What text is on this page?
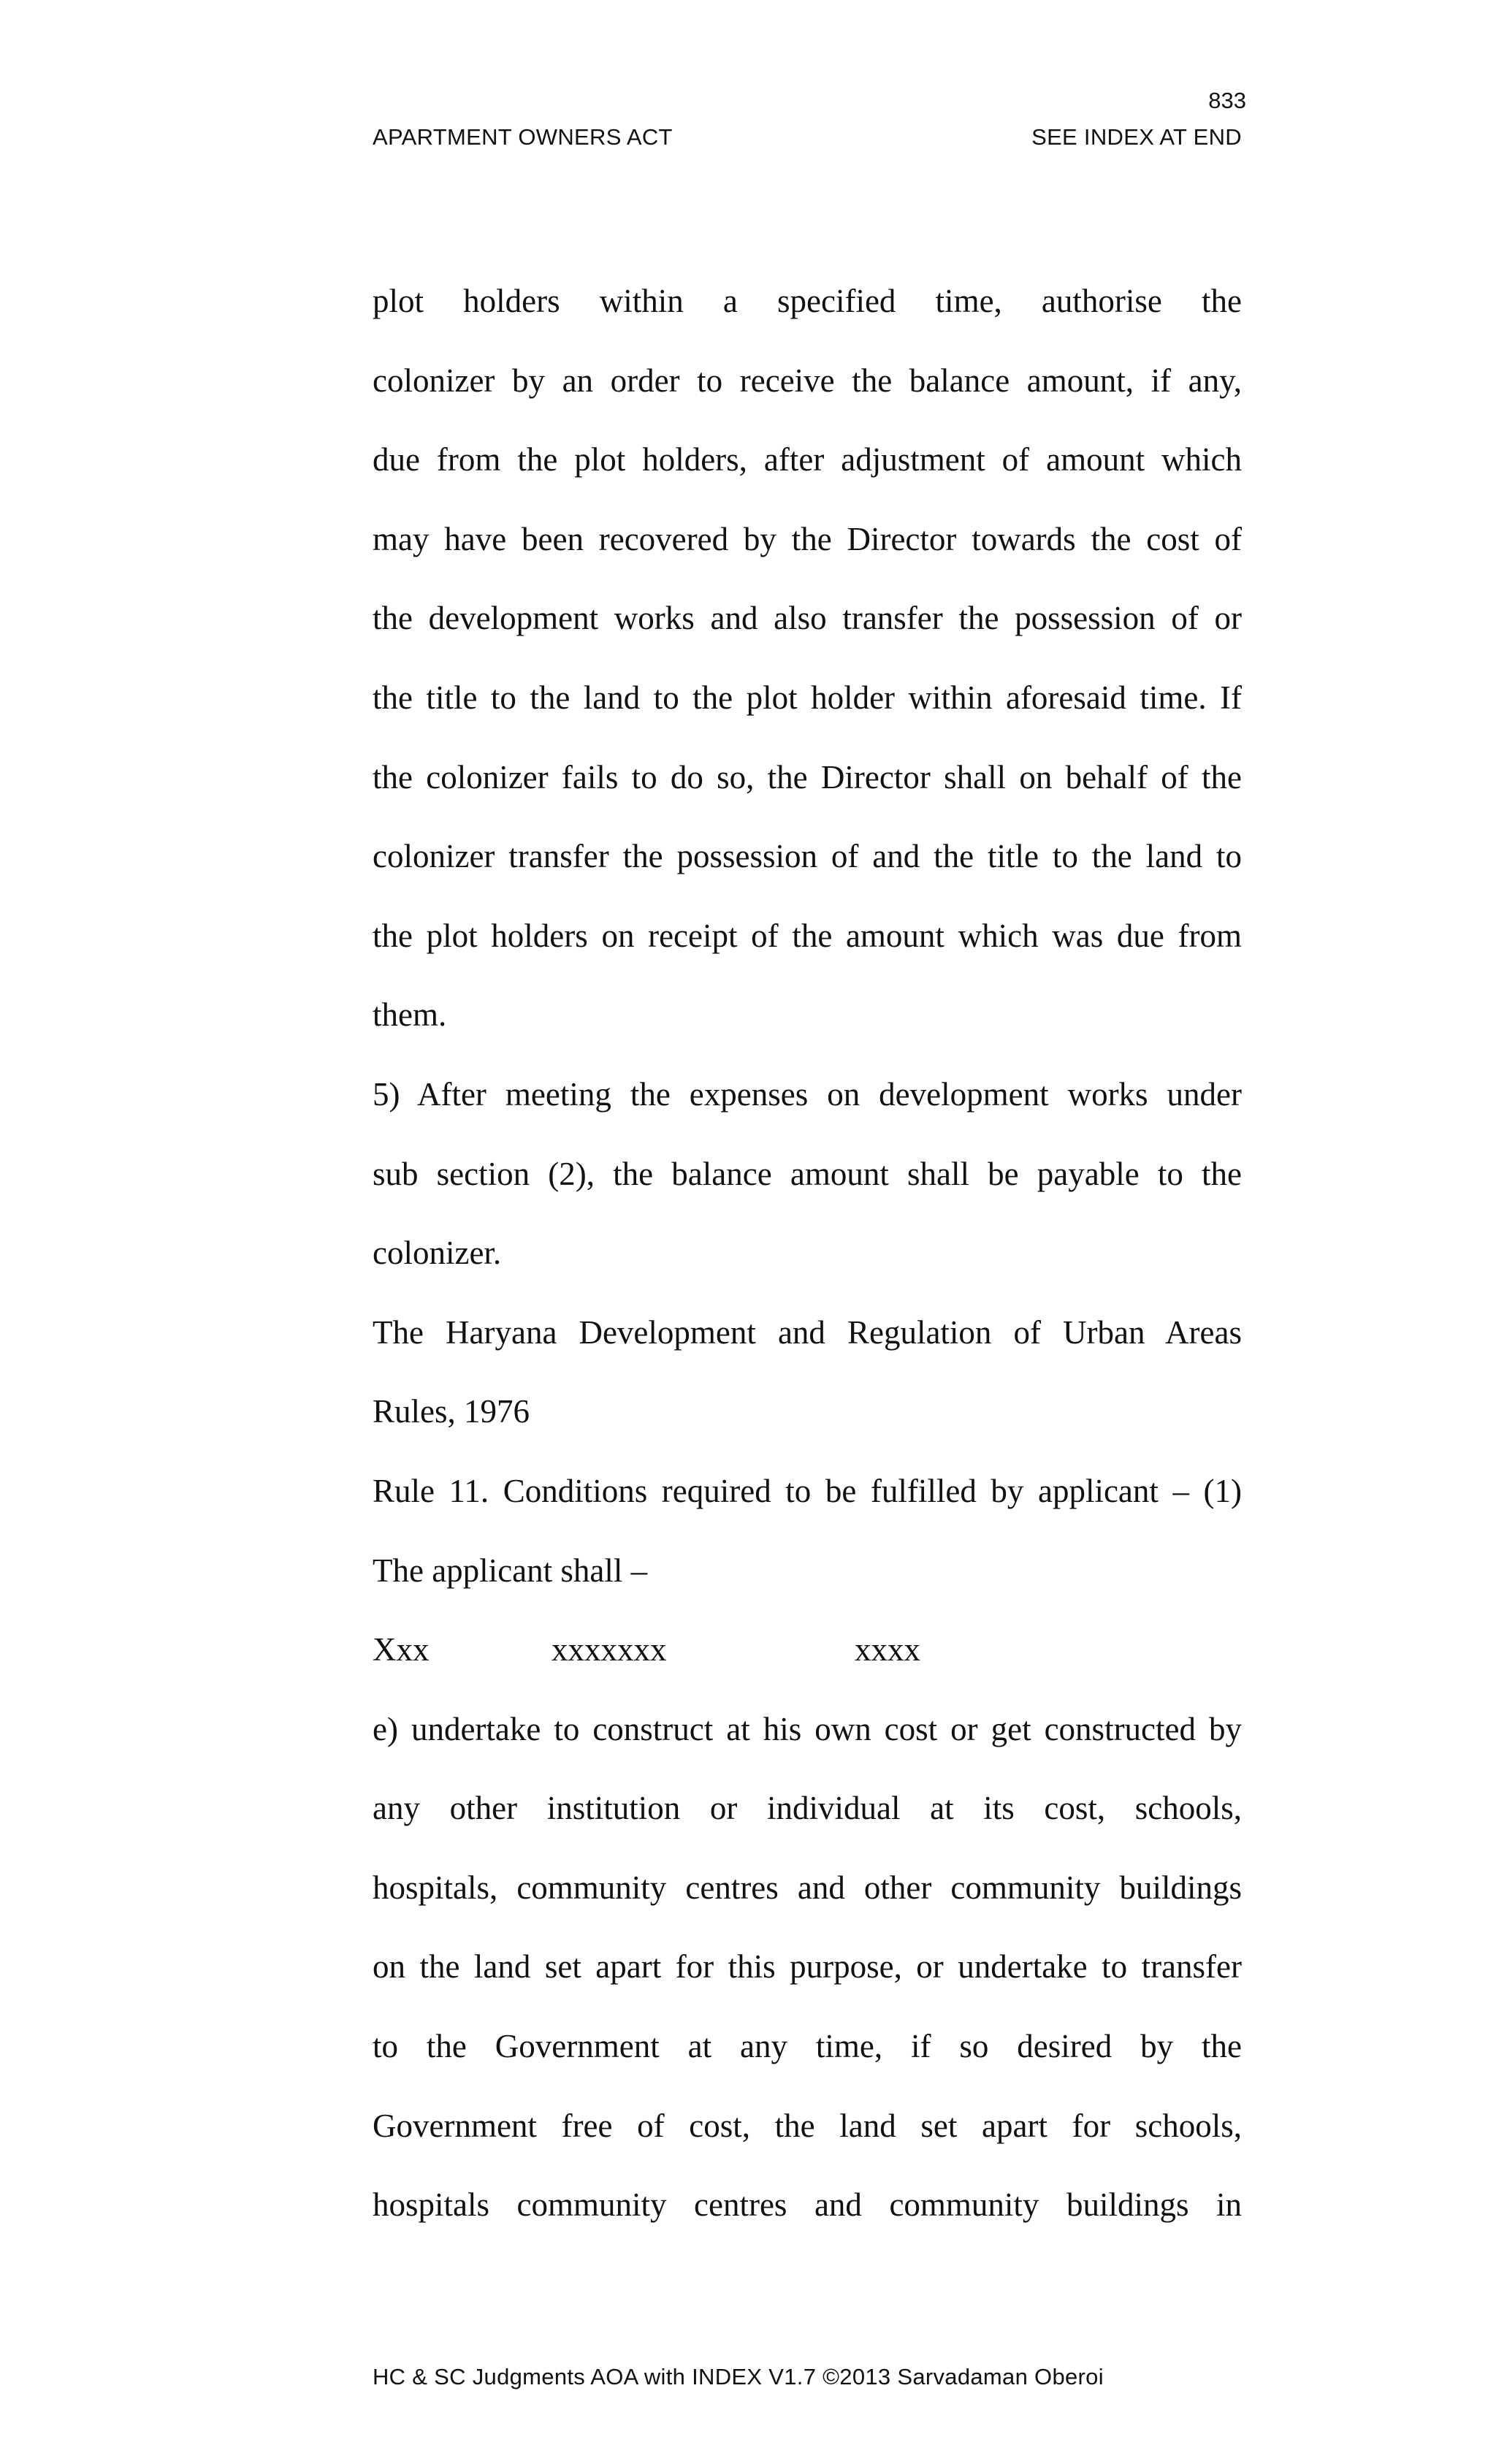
833
APARTMENT OWNERS ACT	SEE INDEX AT END
plot holders within a specified time, authorise the
colonizer by an order to receive the balance amount, if any,
due from the plot holders, after adjustment of amount which
may have been recovered by the Director towards the cost of
the development works and also transfer the possession of or
the title to the land to the plot holder within aforesaid time. If
the colonizer fails to do so, the Director shall on behalf of the
colonizer transfer the possession of and the title to the land to
the plot holders on receipt of the amount which was due from
them.
5) After meeting the expenses on development works under
sub section (2), the balance amount shall be payable to the
colonizer.
The Haryana Development and Regulation of Urban Areas
Rules, 1976
Rule 11. Conditions required to be fulfilled by applicant – (1)
The applicant shall –
Xxx	xxxxxxx	xxxx
e) undertake to construct at his own cost or get constructed by
any other institution or individual at its cost, schools,
hospitals, community centres and other community buildings
on the land set apart for this purpose, or undertake to transfer
to the Government at any time, if so desired by the
Government free of cost, the land set apart for schools,
hospitals community centres and community buildings in
HC & SC Judgments AOA with INDEX V1.7 ©2013 Sarvadaman Oberoi
